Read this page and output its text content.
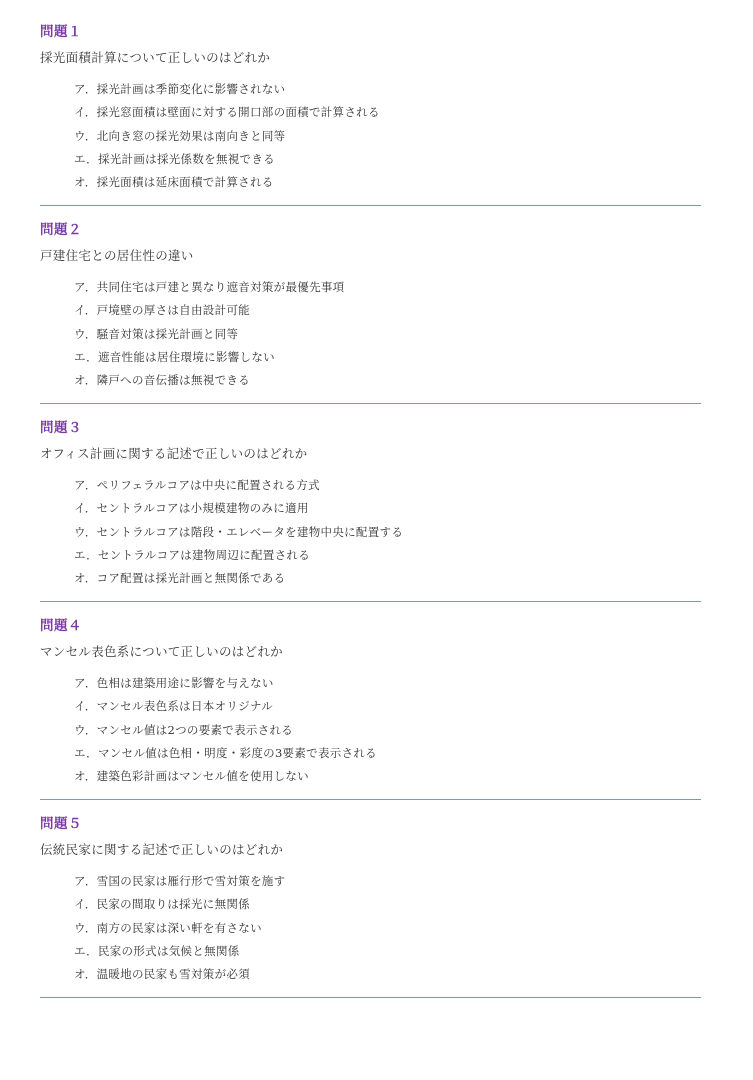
問題１

採光面積計算について正しいのはどれか

ア．採光計画は季節変化に影響されない
イ．採光窓面積は壁面に対する開口部の面積で計算される
ウ．北向き窓の採光効果は南向きと同等
エ．採光計画は採光係数を無視できる
オ．採光面積は延床面積で計算される
問題２

戸建住宅との居住性の違い

ア．共同住宅は戸建と異なり遮音対策が最優先事項
イ．戸境壁の厚さは自由設計可能
ウ．騒音対策は採光計画と同等
エ．遮音性能は居住環境に影響しない
オ．隣戸への音伝播は無視できる
問題３

オフィス計画に関する記述で正しいのはどれか

ア．ペリフェラルコアは中央に配置される方式
イ．セントラルコアは小規模建物のみに適用
ウ．セントラルコアは階段・エレベータを建物中央に配置する
エ．セントラルコアは建物周辺に配置される
オ．コア配置は採光計画と無関係である
問題４

マンセル表色系について正しいのはどれか

ア．色相は建築用途に影響を与えない
イ．マンセル表色系は日本オリジナル
ウ．マンセル値は2つの要素で表示される
エ．マンセル値は色相・明度・彩度の3要素で表示される
オ．建築色彩計画はマンセル値を使用しない
問題５

伝統民家に関する記述で正しいのはどれか

ア．雪国の民家は雁行形で雪対策を施す
イ．民家の間取りは採光に無関係
ウ．南方の民家は深い軒を有さない
エ．民家の形式は気候と無関係
オ．温暖地の民家も雪対策が必須
